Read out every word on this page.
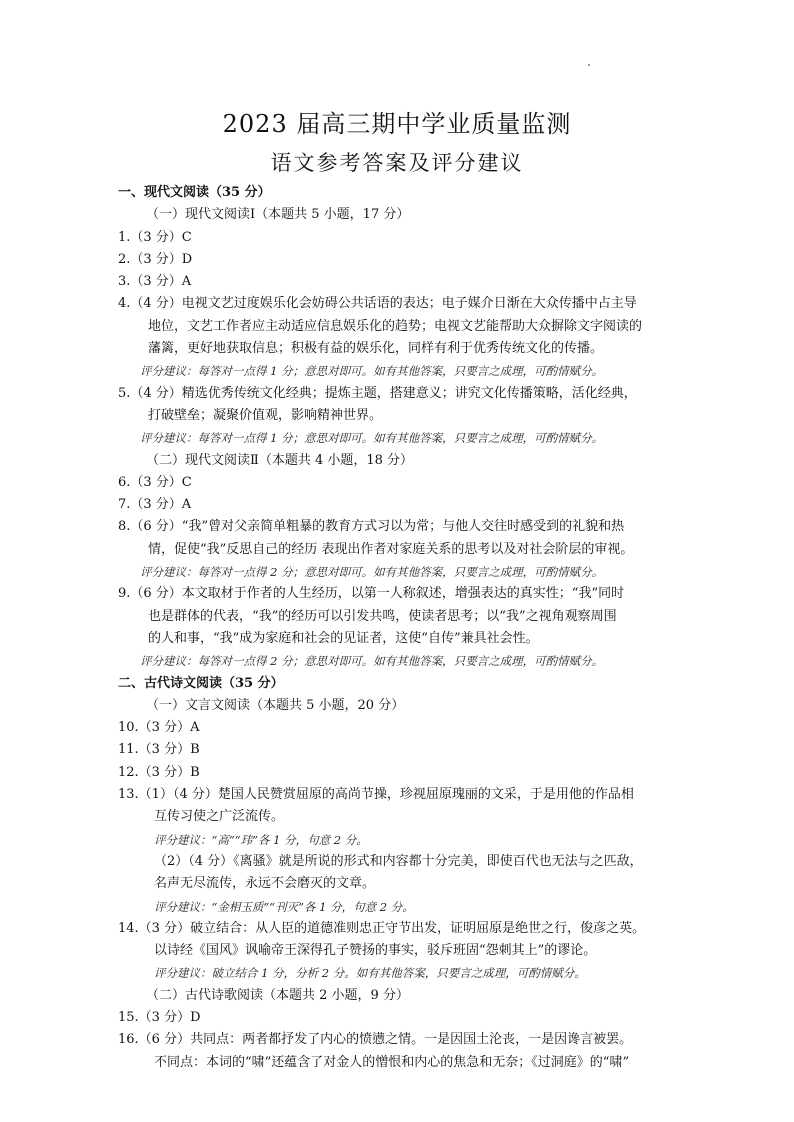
2023 届高三期中学业质量监测
语文参考答案及评分建议
一、现代文阅读（35 分）
（一）现代文阅读Ⅰ（本题共 5 小题，17 分）
1.（3 分）C
2.（3 分）D
3.（3 分）A
4.（4 分）电视文艺过度娱乐化会妨碍公共话语的表达；电子媒介日渐在大众传播中占主导
地位，文艺工作者应主动适应信息娱乐化的趋势；电视文艺能帮助大众摒除文字阅读的
藩篱，更好地获取信息；积极有益的娱乐化，同样有利于优秀传统文化的传播。
评分建议：每答对一点得 1 分；意思对即可。如有其他答案，只要言之成理，可酌情赋分。
5.（4 分）精选优秀传统文化经典；提炼主题，搭建意义；讲究文化传播策略，活化经典，
打破壁垒；凝聚价值观，影响精神世界。
评分建议：每答对一点得 1 分；意思对即可。如有其他答案，只要言之成理，可酌情赋分。
（二）现代文阅读Ⅱ（本题共 4 小题，18 分）
6.（3 分）C
7.（3 分）A
8.（6 分）“我”曾对父亲简单粗暴的教育方式习以为常；与他人交往时感受到的礼貌和热
情，促使“我”反思自己的经历 表现出作者对家庭关系的思考以及对社会阶层的审视。
评分建议：每答对一点得 2 分；意思对即可。如有其他答案，只要言之成理，可酌情赋分。
9.（6 分）本文取材于作者的人生经历，以第一人称叙述，增强表达的真实性；“我”同时
也是群体的代表，“我”的经历可以引发共鸣，使读者思考；以“我”之视角观察周围
的人和事，“我”成为家庭和社会的见证者，这使“自传”兼具社会性。
评分建议：每答对一点得 2 分；意思对即可。如有其他答案，只要言之成理，可酌情赋分。
二、古代诗文阅读（35 分）
（一）文言文阅读（本题共 5 小题，20 分）
10.（3 分）A
11.（3 分）B
12.（3 分）B
13.（1）（4 分）楚国人民赞赏屈原的高尚节操，珍视屈原瑰丽的文采，于是用他的作品相
互传习使之广泛流传。
评分建议：“高”“玮”各 1 分，句意 2 分。
（2）（4 分）《离骚》就是所说的形式和内容都十分完美，即使百代也无法与之匹敌，
名声无尽流传，永远不会磨灭的文章。
评分建议：“金相玉质”“刊灭”各 1 分，句意 2 分。
14.（3 分）破立结合：从人臣的道德准则忠正守节出发，证明屈原是绝世之行，俊彦之英。
以诗经《国风》讽喻帝王深得孔子赞扬的事实，驳斥班固“怨刺其上”的谬论。
评分建议：破立结合 1 分，分析 2 分。如有其他答案，只要言之成理，可酌情赋分。
（二）古代诗歌阅读（本题共 2 小题，9 分）
15.（3 分）D
16.（6 分）共同点：两者都抒发了内心的愤懑之情。一是因国土沦丧，一是因谗言被罢。
不同点：本词的“啸”还蕴含了对金人的憎恨和内心的焦急和无奈；《过洞庭》的“啸”
